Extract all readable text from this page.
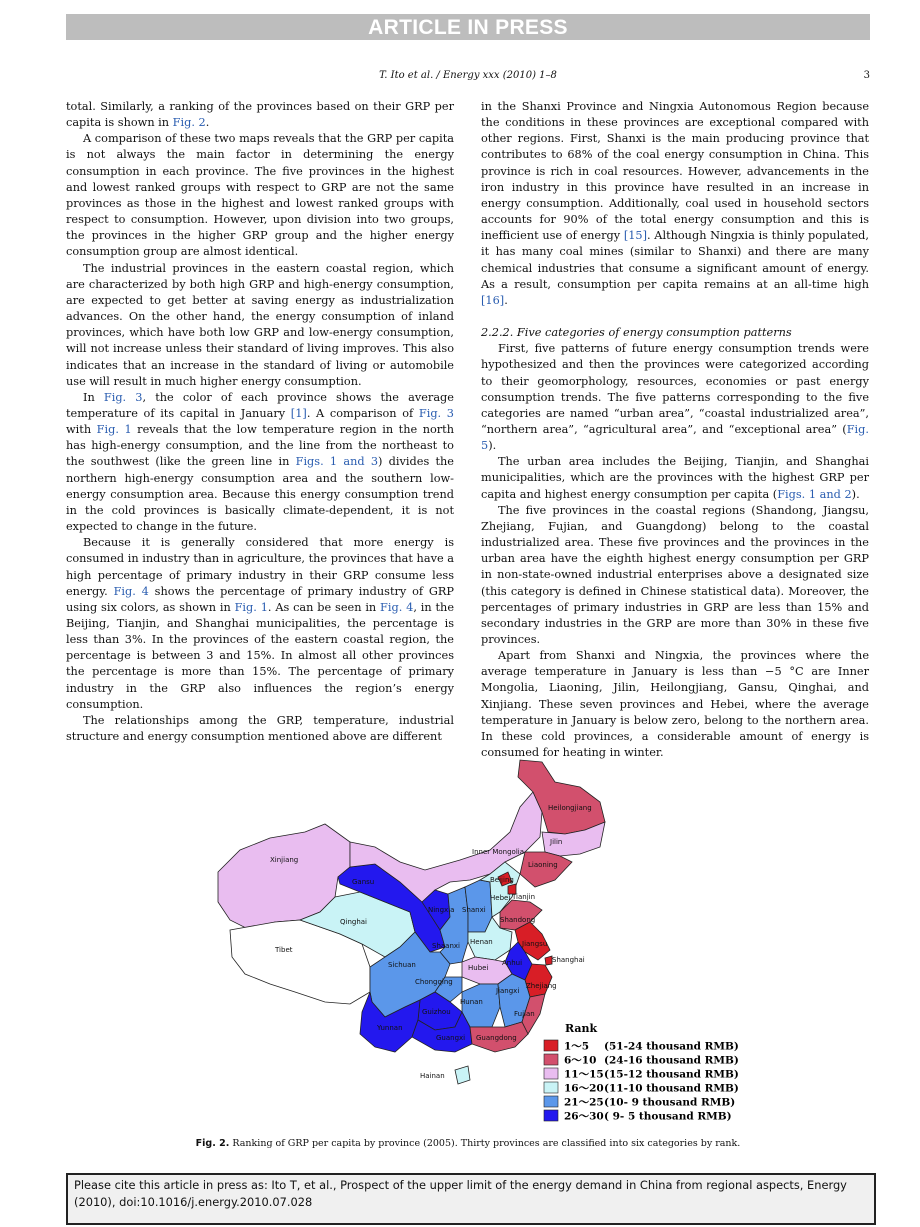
ARTICLE IN PRESS
T. Ito et al. / Energy xxx (2010) 1–8	3

total. Similarly, a ranking of the provinces based on their GRP per capita is shown in Fig. 2.

A comparison of these two maps reveals that the GRP per capita is not always the main factor in determining the energy consumption in each province. The five provinces in the highest and lowest ranked groups with respect to GRP are not the same provinces as those in the highest and lowest ranked groups with respect to consumption. However, upon division into two groups, the provinces in the higher GRP group and the higher energy consumption group are almost identical.

The industrial provinces in the eastern coastal region, which are characterized by both high GRP and high-energy consumption, are expected to get better at saving energy as industrialization advances. On the other hand, the energy consumption of inland provinces, which have both low GRP and low-energy consumption, will not increase unless their standard of living improves. This also indicates that an increase in the standard of living or automobile use will result in much higher energy consumption.

In Fig. 3, the color of each province shows the average temperature of its capital in January [1]. A comparison of Fig. 3 with Fig. 1 reveals that the low temperature region in the north has high-energy consumption, and the line from the northeast to the southwest (like the green line in Figs. 1 and 3) divides the northern high-energy consumption area and the southern low-energy consumption area. Because this energy consumption trend in the cold provinces is basically climate-dependent, it is not expected to change in the future.

Because it is generally considered that more energy is consumed in industry than in agriculture, the provinces that have a high percentage of primary industry in their GRP consume less energy. Fig. 4 shows the percentage of primary industry of GRP using six colors, as shown in Fig. 1. As can be seen in Fig. 4, in the Beijing, Tianjin, and Shanghai municipalities, the percentage is less than 3%. In the provinces of the eastern coastal region, the percentage is between 3 and 15%. In almost all other provinces the percentage is more than 15%. The percentage of primary industry in the GRP also influences the region’s energy consumption.

The relationships among the GRP, temperature, industrial structure and energy consumption mentioned above are different

in the Shanxi Province and Ningxia Autonomous Region because the conditions in these provinces are exceptional compared with other regions. First, Shanxi is the main producing province that contributes to 68% of the coal energy consumption in China. This province is rich in coal resources. However, advancements in the iron industry in this province have resulted in an increase in energy consumption. Additionally, coal used in household sectors accounts for 90% of the total energy consumption and this is inefficient use of energy [15]. Although Ningxia is thinly populated, it has many coal mines (similar to Shanxi) and there are many chemical industries that consume a significant amount of energy. As a result, consumption per capita remains at an all-time high [16].

2.2.2. Five categories of energy consumption patterns

First, five patterns of future energy consumption trends were hypothesized and then the provinces were categorized according to their geomorphology, resources, economies or past energy consumption trends. The five patterns corresponding to the five categories are named “urban area”, “coastal industrialized area”, “northern area”, “agricultural area”, and “exceptional area” (Fig. 5).

The urban area includes the Beijing, Tianjin, and Shanghai municipalities, which are the provinces with the highest GRP per capita and highest energy consumption per capita (Figs. 1 and 2).

The five provinces in the coastal regions (Shandong, Jiangsu, Zhejiang, Fujian, and Guangdong) belong to the coastal industrialized area. These five provinces and the provinces in the urban area have the eighth highest energy consumption per GRP in non-state-owned industrial enterprises above a designated size (this category is defined in Chinese statistical data). Moreover, the percentages of primary industries in GRP are less than 15% and secondary industries in the GRP are more than 30% in these five provinces.

Apart from Shanxi and Ningxia, the provinces where the average temperature in January is less than −5 °C are Inner Mongolia, Liaoning, Jilin, Heilongjiang, Gansu, Qinghai, and Xinjiang. These seven provinces and Hebei, where the average temperature in January is below zero, belong to the northern area. In these cold provinces, a considerable amount of energy is consumed for heating in winter.

Xinjiang
Tibet
Qinghai
Gansu
Inner Mongolia
Heilongjiang
Jilin
Liaoning
Ningxia Shanxi
Hebei
Beijing
Tianjin
Shandong
Shaanxi Henan	Jiangsu
Anhui	Shanghai
Hubei
Sichuan
Chongqing	Zhejiang
Jiangxi
Hunan
Fujian
Guizhou
Yunnan
Guangxi Guangdong
Hainan
Rank
1～5 (51-24 thousand RMB)
6～10 (24-16 thousand RMB)
11～15 (15-12 thousand RMB)
16～20 (11-10 thousand RMB)
21～25 (10- 9 thousand RMB)
26～30 ( 9- 5 thousand RMB)
Fig. 2. Ranking of GRP per capita by province (2005). Thirty provinces are classified into six categories by rank.
Please cite this article in press as: Ito T, et al., Prospect of the upper limit of the energy demand in China from regional aspects, Energy (2010), doi:10.1016/j.energy.2010.07.028
